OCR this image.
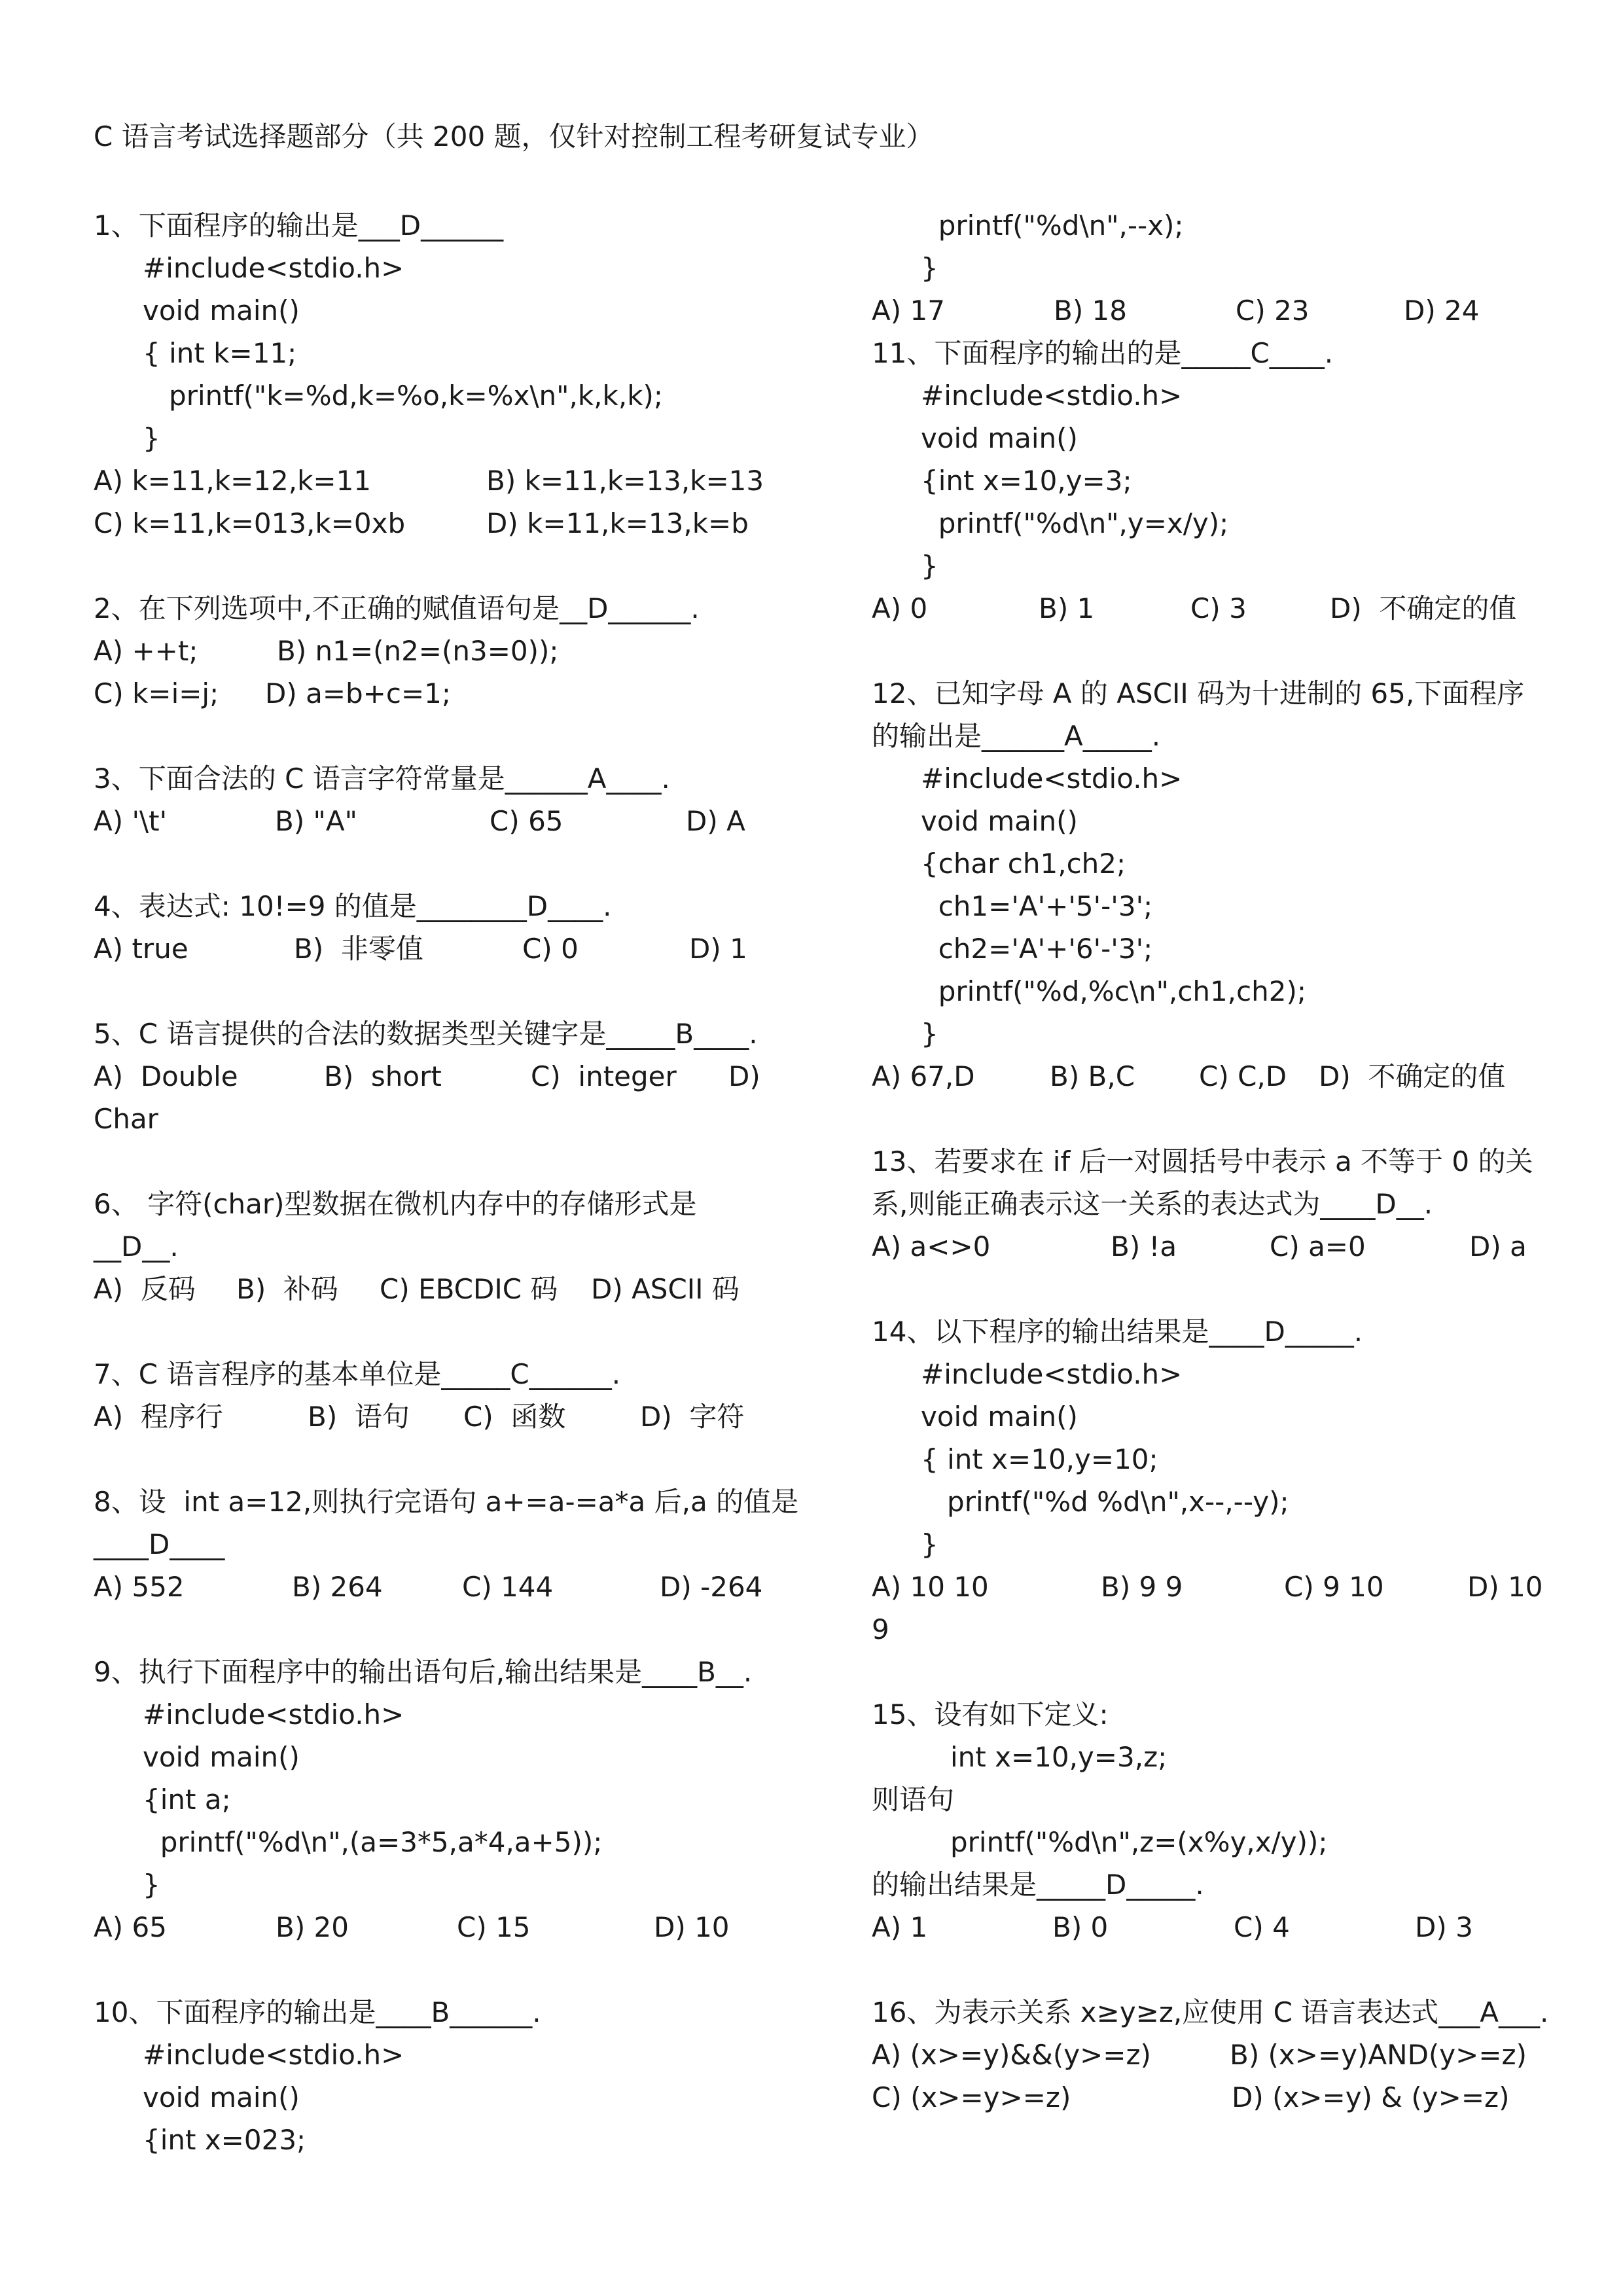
C 语言考试选择题部分（共 200 题，仅针对控制工程考研复试专业）
1、下面程序的输出是___D______
#include<stdio.h>
void main()
{ int k=11;
printf("k=%d,k=%o,k=%x\n",k,k,k);
}

A) k=11,k=12,k=11

	B) k=11,k=13,k=13

C) k=11,k=013,k=0xb

	D) k=11,k=13,k=b

2、在下列选项中,不正确的赋值语句是__D______.

A) ++t;

	B) n1=(n2=(n3=0));

C) k=i=j;

D) a=b+c=1;

3、下面合法的 C 语言字符常量是______A____.

A) '\t'

	B) "A"

	C) 65

	D) A

4、表达式: 10!=9 的值是________D____.

A) true

	B)  非零值

	C) 0

	D) 1

5、C 语言提供的合法的数据类型关键字是_____B____.

A)  Double

	B)  short

	C)  integer

D)

Char
6、 字符(char)型数据在微机内存中的存储形式是
__D__.

A)  反码

B)  补码

C) EBCDIC 码

D) ASCII 码

7、C 语言程序的基本单位是_____C______.

A)  程序行

	B)  语句

C)  函数

	D)  字符

8、设  int a=12,则执行完语句 a+=a-=a*a 后,a 的值是
____D____

A) 552

	B) 264

	C) 144

	D) -264

9、执行下面程序中的输出语句后,输出结果是____B__.
#include<stdio.h>
void main()
{int a;
printf("%d\n",(a=3*5,a*4,a+5));
}

A) 65

	B) 20

	C) 15

	D) 10

10、下面程序的输出是____B______.
#include<stdio.h>
void main()
{int x=023;
printf("%d\n",--x);
}

A) 17

	B) 18

	C) 23

	D) 24

11、下面程序的输出的是_____C____.
#include<stdio.h>
void main()
{int x=10,y=3;
printf("%d\n",y=x/y);
}

A) 0

	B) 1

	C) 3

	D)  不确定的值

12、已知字母 A 的 ASCII 码为十进制的 65,下面程序
的输出是______A_____.
#include<stdio.h>
void main()
{char ch1,ch2;
ch1='A'+'5'-'3';
ch2='A'+'6'-'3';
printf("%d,%c\n",ch1,ch2);
}

A) 67,D

	B) B,C

C) C,D

D)  不确定的值

13、若要求在 if 后一对圆括号中表示 a 不等于 0 的关
系,则能正确表示这一关系的表达式为____D__.

A) a<>0

	B) !a

	C) a=0

	D) a

14、以下程序的输出结果是____D_____.
#include<stdio.h>
void main()
{ int x=10,y=10;
printf("%d %d\n",x--,--y);
}

A) 10 10

	B) 9 9

	C) 9 10

	D) 10

9
15、设有如下定义:
int x=10,y=3,z;
则语句
printf("%d\n",z=(x%y,x/y));
的输出结果是_____D_____.

A) 1

	B) 0

	C) 4

	D) 3

16、为表示关系 x≥y≥z,应使用 C 语言表达式___A___.

A) (x>=y)&&(y>=z)

	B) (x>=y)AND(y>=z)

C) (x>=y>=z)

	D) (x>=y) & (y>=z)
